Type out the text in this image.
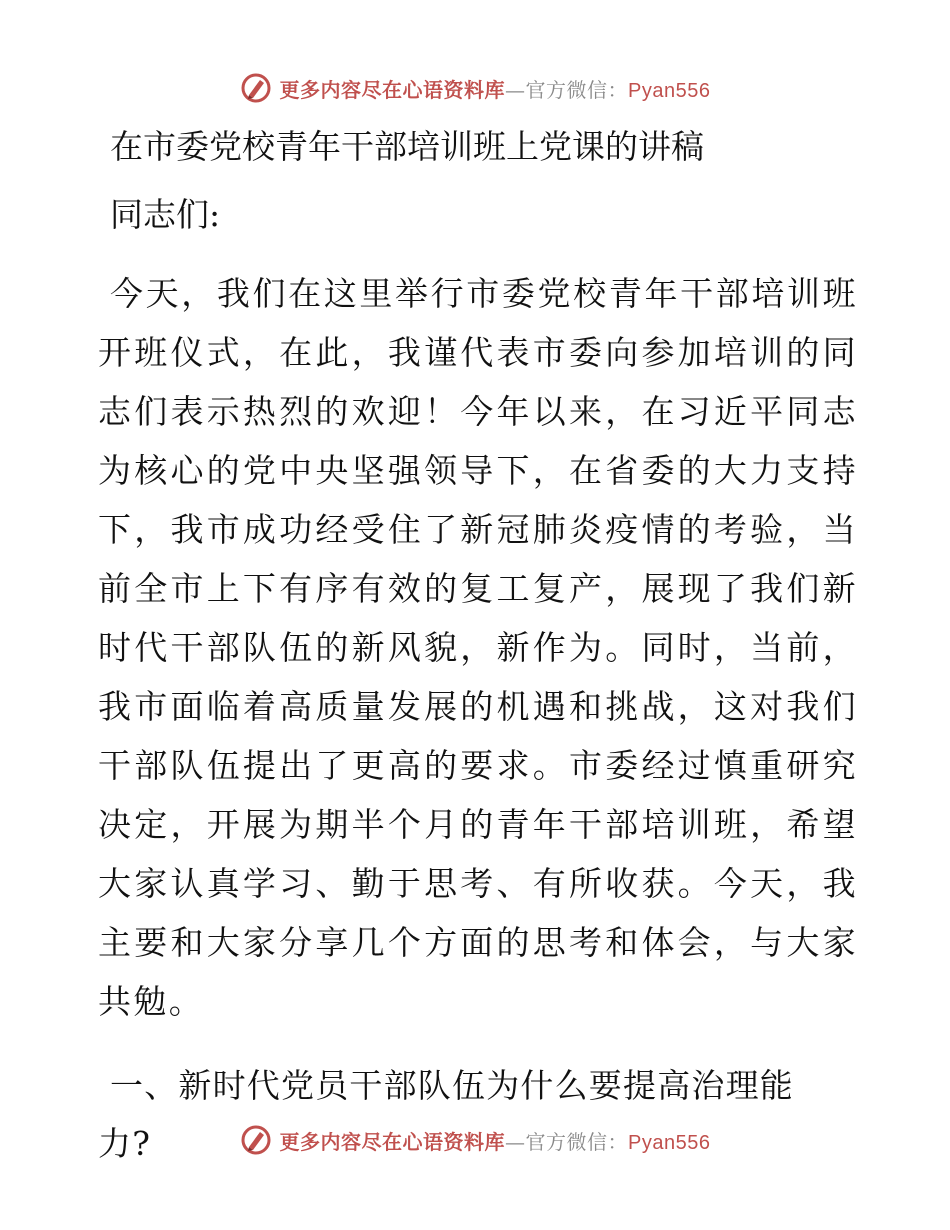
更多内容尽在心语资料库—官方微信：Pyan556
在市委党校青年干部培训班上党课的讲稿

同志们:

今天，我们在这里举行市委党校青年干部培训班开班仪式，在此，我谨代表市委向参加培训的同志们表示热烈的欢迎！今年以来，在习近平同志为核心的党中央坚强领导下，在省委的大力支持下，我市成功经受住了新冠肺炎疫情的考验，当前全市上下有序有效的复工复产，展现了我们新时代干部队伍的新风貌，新作为。同时，当前，我市面临着高质量发展的机遇和挑战，这对我们干部队伍提出了更高的要求。市委经过慎重研究决定，开展为期半个月的青年干部培训班，希望大家认真学习、勤于思考、有所收获。今天，我主要和大家分享几个方面的思考和体会，与大家共勉。

一、新时代党员干部队伍为什么要提高治理能力?	更多内容尽在心语资料库—官方微信：Pyan556
